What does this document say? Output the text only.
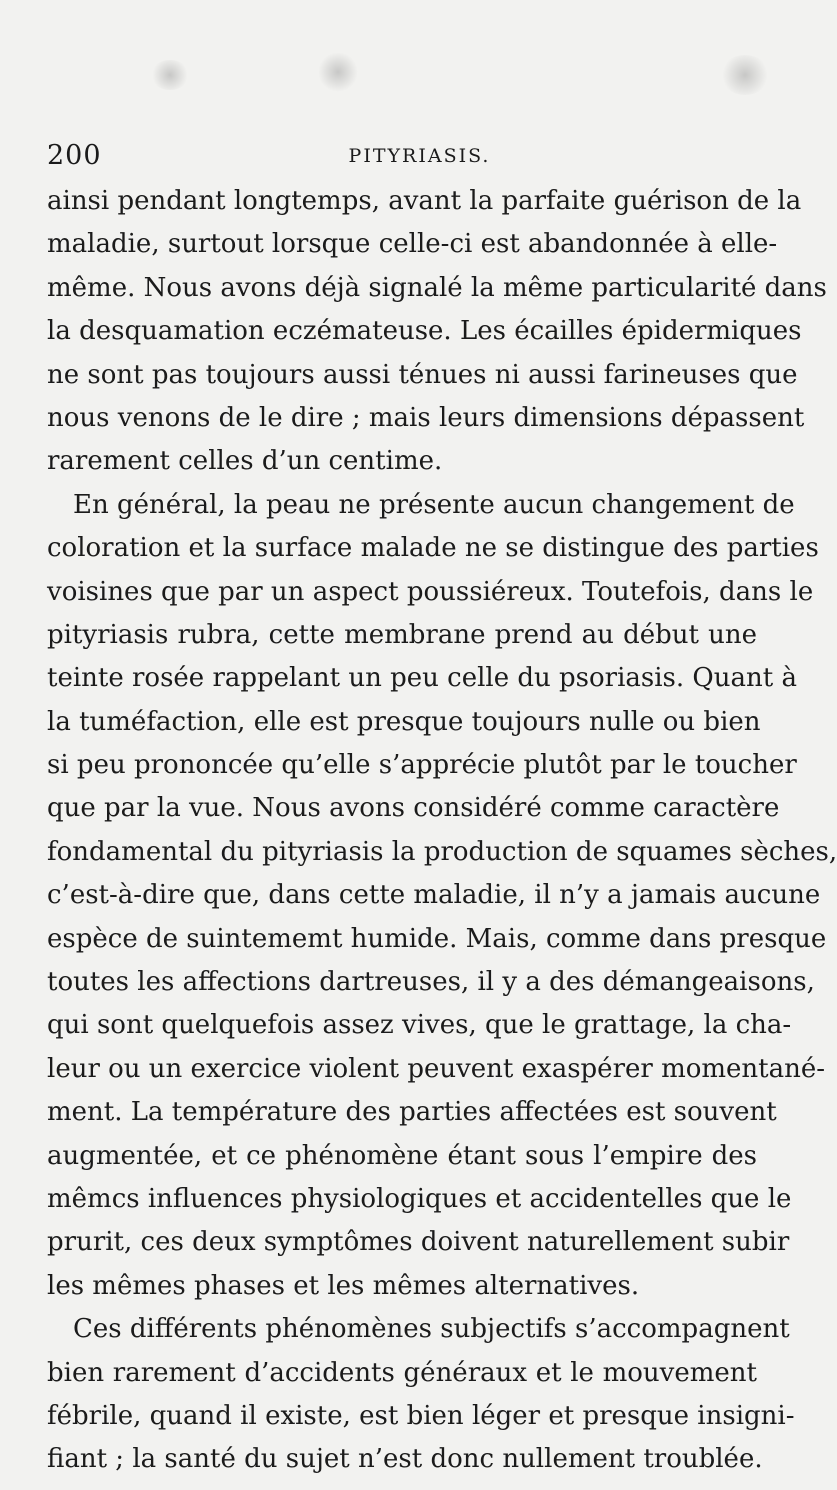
200	PITYRIASIS.
ainsi pendant longtemps, avant la parfaite guérison de la
maladie, surtout lorsque celle-ci est abandonnée à elle-
même. Nous avons déjà signalé la même particularité dans
la desquamation eczémateuse. Les écailles épidermiques
ne sont pas toujours aussi ténues ni aussi farineuses que
nous venons de le dire ; mais leurs dimensions dépassent
rarement celles d’un centime.
En général, la peau ne présente aucun changement de
coloration et la surface malade ne se distingue des parties
voisines que par un aspect poussiéreux. Toutefois, dans le
pityriasis rubra, cette membrane prend au début une
teinte rosée rappelant un peu celle du psoriasis. Quant à
la tuméfaction, elle est presque toujours nulle ou bien
si peu prononcée qu’elle s’apprécie plutôt par le toucher
que par la vue. Nous avons considéré comme caractère
fondamental du pityriasis la production de squames sèches,
c’est-à-dire que, dans cette maladie, il n’y a jamais aucune
espèce de suintememt humide. Mais, comme dans presque
toutes les affections dartreuses, il y a des démangeaisons,
qui sont quelquefois assez vives, que le grattage, la cha-
leur ou un exercice violent peuvent exaspérer momentané-
ment. La température des parties affectées est souvent
augmentée, et ce phénomène étant sous l’empire des
mêmcs influences physiologiques et accidentelles que le
prurit, ces deux symptômes doivent naturellement subir
les mêmes phases et les mêmes alternatives.
Ces différents phénomènes subjectifs s’accompagnent
bien rarement d’accidents généraux et le mouvement
fébrile, quand il existe, est bien léger et presque insigni-
fiant ; la santé du sujet n’est donc nullement troublée.
